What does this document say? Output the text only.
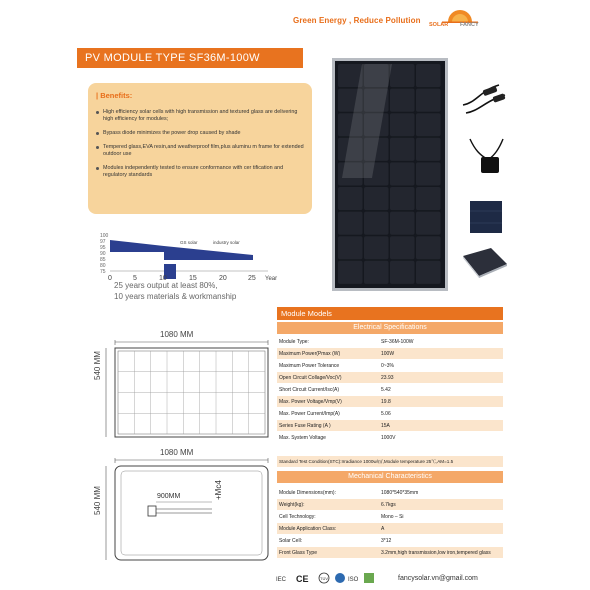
Green Energy , Reduce Pollution SOLAR FANCY
PV MODULE TYPE SF36M-100W
| Benefits:
High efficiency solar cells with high transmission and textured glass are delivering high efficiency for modules;
Bypass diode minimizes the power drop caused by shade
Tempered glass,EVA resin,and weatherproof film,plus aluminu m frame for extended outdoor use
Modules independently tested to ensure conformance with cer tification and regulatory standards
100
97
95
90
85
80
75
GS solar	industry solar
0	5	10	15	20	25 Year
25 years output at least 80%,
10 years materials & workmanship
1080 MM
540 MM
1080 MM
540 MM	900MM	+Mc4
Module Models
Electrical Specifications
Module Type:	SF-36M-100W
Maximum Power(Pmax (W)	100W
Maximum Power Tolerance	0~3%
Open Circuit Collage/Voc(V)	23.93
Short Circuit Current/Isc(A)	5.42
Max. Power Voltage/Vmp(V)	19.8
Max. Power Current/Imp(A)	5.06
Series Fuse Rating (A )	15A
Max. System Voltage	1000V
Standard Test Condition(STC):Irradiance 1000w/㎡,Module temperature 25℃,AM=1.5
Mechanical Characteristics
Module Dimensions(mm):	1080*540*35mm
Weight(kg):	6.7kgs
Cell Technology:	Mono – Si
Module Application Class:	A
Solar Cell:	3*12
Front Glass Type	3.2mm,high transmission,low iron,tempered glass
IEC CE	TÜV	ISO	fancysolar.vn@gmail.com
